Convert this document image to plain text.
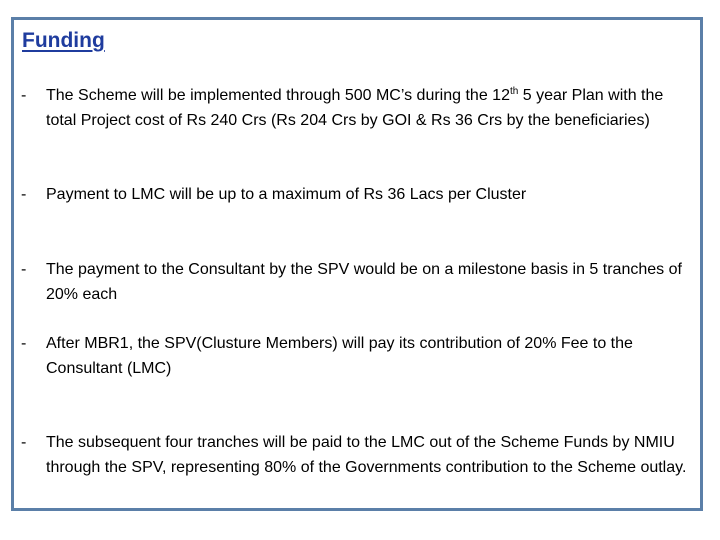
Funding
- The Scheme will be implemented through 500 MC’s during the 12th 5 year Plan with the total Project cost of Rs 240 Crs (Rs 204 Crs by GOI & Rs 36 Crs by the beneficiaries)
- Payment to LMC will be up to a maximum of Rs 36 Lacs per Cluster
- The payment to the Consultant by the SPV would be on a milestone basis in 5 tranches of 20% each
- After MBR1, the SPV(Clusture Members) will pay its contribution of 20% Fee to the Consultant (LMC)
- The subsequent four tranches will be paid to the LMC out of the Scheme Funds by NMIU through the SPV, representing 80% of the Governments contribution to the Scheme outlay.
